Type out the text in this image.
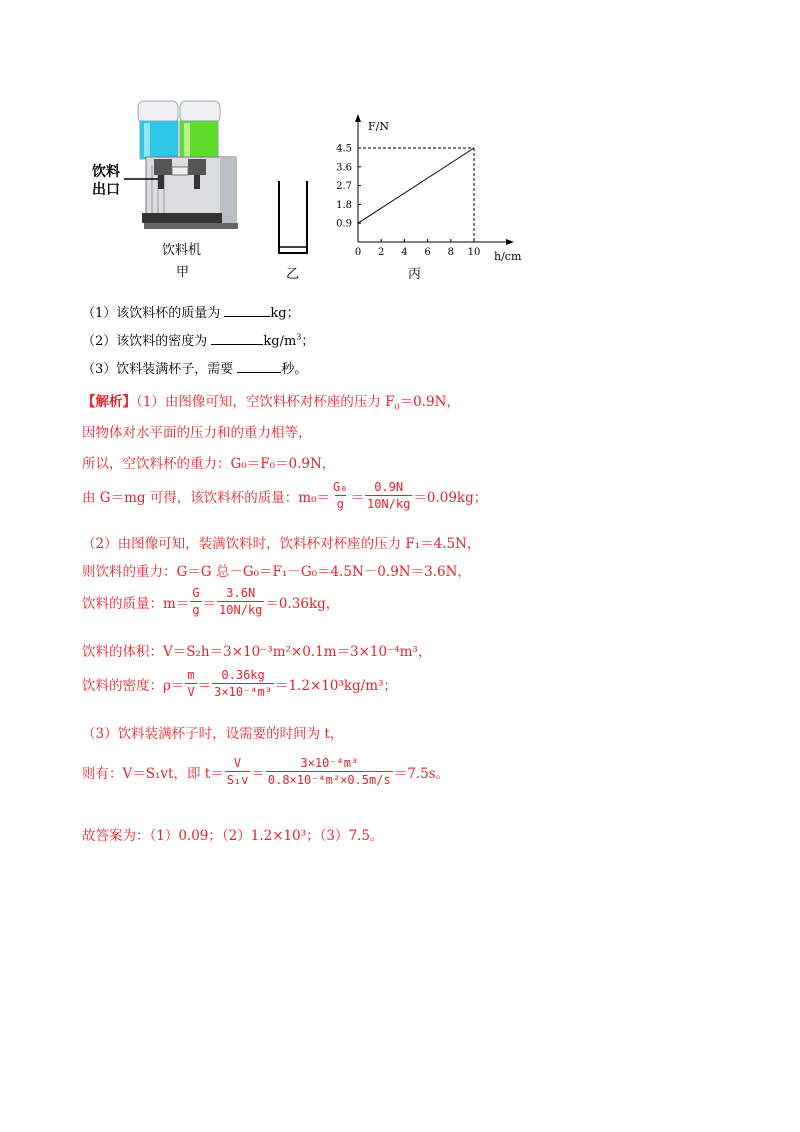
饮料
出口
饮料机
甲	乙
F/N
h/cm
0 2 4 6 8 10
0.9
1.8
2.7
3.6
4.5
丙
（1）该饮料杯的质量为	kg；
（2）该饮料的密度为	$kg/m^3$；
（3）饮料装满杯子，需要	秒。
【解析】（1）由图像可知，空饮料杯对杯座的压力 $F_0=0.9N$，
因物体对水平面的压力和的重力相等，
所以，空饮料杯的重力：G₀＝F₀＝0.9N，
由 G＝mg 可得，该饮料杯的质量：$m_0= \frac{\text{G₀}}{g} = \frac{0.9N}{10N/kg} =0.09kg$；
（2）由图像可知，装满饮料时，饮料杯对杯座的压力 F₁＝4.5N，
则饮料的重力：G＝G 总－G₀＝F₁－G₀＝4.5N－0.9N＝3.6N，
饮料的质量：$m= \frac{G}{g} = \frac{3.6N}{10N/kg} =0.36kg$，
饮料的体积：V＝S₂h＝3×10⁻³m²×0.1m＝3×10⁻⁴m³，
饮料的密度：$\rho= \frac{m}{V} = \frac{0.36kg}{\text{3×10⁻⁴m³}} =1.2\times 10^3kg/m^3$；
（3）饮料装满杯子时，设需要的时间为 t，
则有：V＝S₁vt，即 $t= \frac{V}{\text{S₁v}} = \frac{\text{3×10⁻⁴m³}}{\text{0.8×10⁻⁴m²×0.5m/s}} =7.5s$。
故答案为：（1）0.09；（2）1.2×10³；（3）7.5。
